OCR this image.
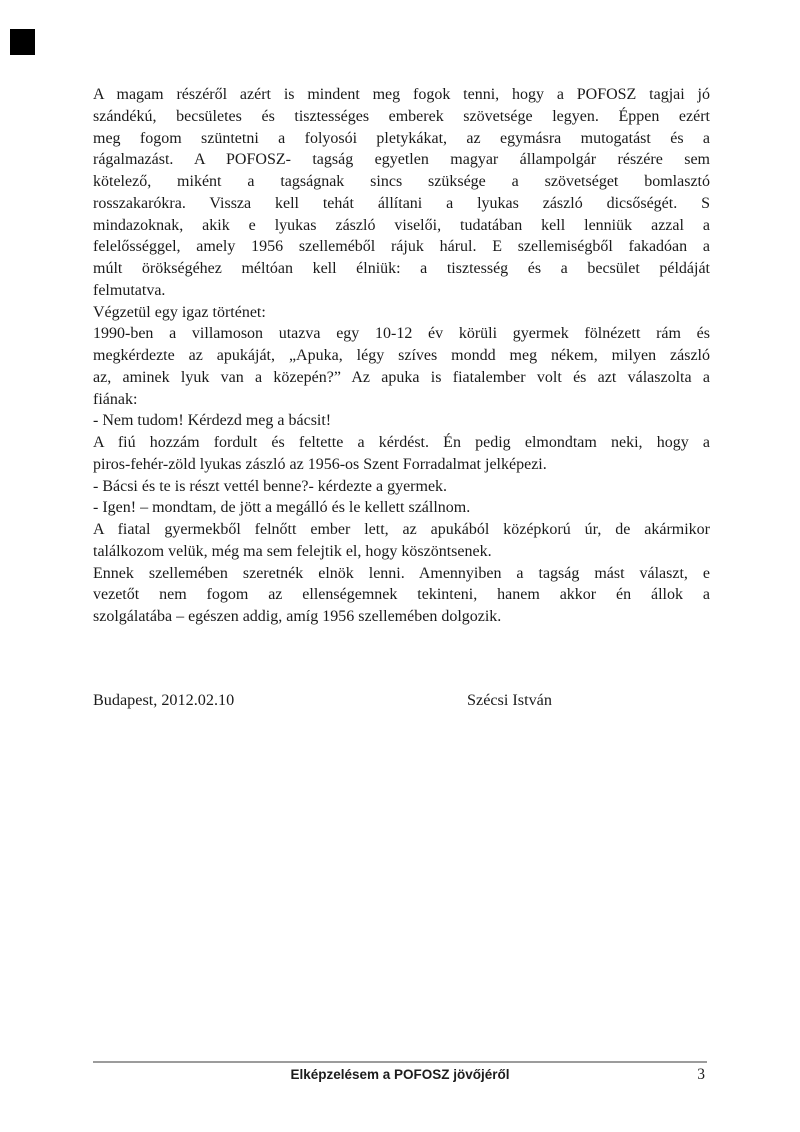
A magam részéről azért is mindent meg fogok tenni, hogy a POFOSZ tagjai jó
szándékú, becsületes és tisztességes emberek szövetsége legyen. Éppen ezért
meg fogom szüntetni a folyosói pletykákat, az egymásra mutogatást és a
rágalmazást. A POFOSZ- tagság egyetlen magyar állampolgár részére sem
kötelező, miként a tagságnak sincs szüksége a szövetséget bomlasztó
rosszakarókra. Vissza kell tehát állítani a lyukas zászló dicsőségét. S
mindazoknak, akik e lyukas zászló viselői, tudatában kell lenniük azzal a
felelősséggel, amely 1956 szelleméből rájuk hárul. E szellemiségből fakadóan a
múlt örökségéhez méltóan kell élniük: a tisztesség és a becsület példáját
felmutatva.
Végzetül egy igaz történet:
1990-ben a villamoson utazva egy 10-12 év körüli gyermek fölnézett rám és
megkérdezte az apukáját, „Apuka, légy szíves mondd meg nékem, milyen zászló
az, aminek lyuk van a közepén?” Az apuka is fiatalember volt és azt válaszolta a
fiának:
- Nem tudom! Kérdezd meg a bácsit!
A fiú hozzám fordult és feltette a kérdést. Én pedig elmondtam neki, hogy a
piros-fehér-zöld lyukas zászló az 1956-os Szent Forradalmat jelképezi.
- Bácsi és te is részt vettél benne?- kérdezte a gyermek.
- Igen! – mondtam, de jött a megálló és le kellett szállnom.
A fiatal gyermekből felnőtt ember lett, az apukából középkorú úr, de akármikor
találkozom velük, még ma sem felejtik el, hogy köszöntsenek.
Ennek szellemében szeretnék elnök lenni. Amennyiben a tagság mást választ, e
vezetőt nem fogom az ellenségemnek tekinteni, hanem akkor én állok a
szolgálatába – egészen addig, amíg 1956 szellemében dolgozik.
Budapest, 2012.02.10	Szécsi István
Elképzelésem a POFOSZ jövőjéről	3
